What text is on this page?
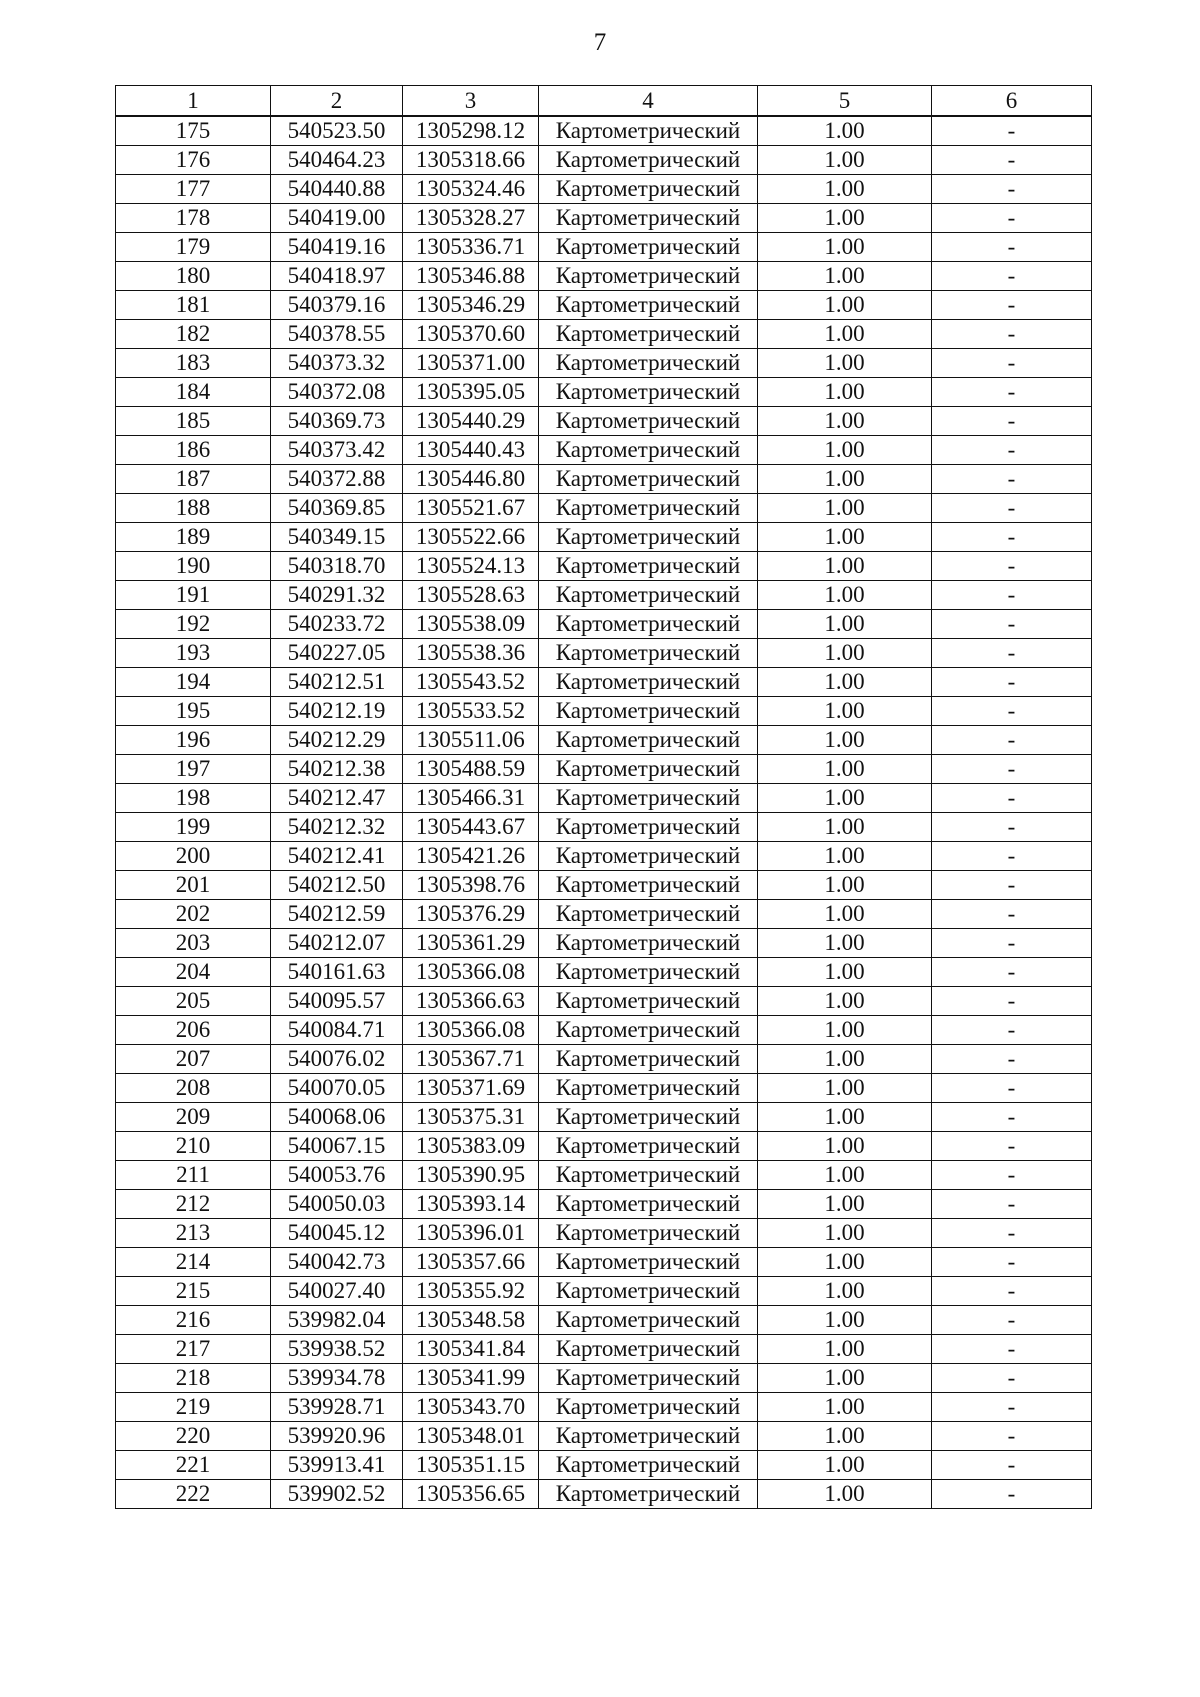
7
1	2	3	4	5	6
175	540523.50	1305298.12	Картометрический	1.00	-
176	540464.23	1305318.66	Картометрический	1.00	-
177	540440.88	1305324.46	Картометрический	1.00	-
178	540419.00	1305328.27	Картометрический	1.00	-
179	540419.16	1305336.71	Картометрический	1.00	-
180	540418.97	1305346.88	Картометрический	1.00	-
181	540379.16	1305346.29	Картометрический	1.00	-
182	540378.55	1305370.60	Картометрический	1.00	-
183	540373.32	1305371.00	Картометрический	1.00	-
184	540372.08	1305395.05	Картометрический	1.00	-
185	540369.73	1305440.29	Картометрический	1.00	-
186	540373.42	1305440.43	Картометрический	1.00	-
187	540372.88	1305446.80	Картометрический	1.00	-
188	540369.85	1305521.67	Картометрический	1.00	-
189	540349.15	1305522.66	Картометрический	1.00	-
190	540318.70	1305524.13	Картометрический	1.00	-
191	540291.32	1305528.63	Картометрический	1.00	-
192	540233.72	1305538.09	Картометрический	1.00	-
193	540227.05	1305538.36	Картометрический	1.00	-
194	540212.51	1305543.52	Картометрический	1.00	-
195	540212.19	1305533.52	Картометрический	1.00	-
196	540212.29	1305511.06	Картометрический	1.00	-
197	540212.38	1305488.59	Картометрический	1.00	-
198	540212.47	1305466.31	Картометрический	1.00	-
199	540212.32	1305443.67	Картометрический	1.00	-
200	540212.41	1305421.26	Картометрический	1.00	-
201	540212.50	1305398.76	Картометрический	1.00	-
202	540212.59	1305376.29	Картометрический	1.00	-
203	540212.07	1305361.29	Картометрический	1.00	-
204	540161.63	1305366.08	Картометрический	1.00	-
205	540095.57	1305366.63	Картометрический	1.00	-
206	540084.71	1305366.08	Картометрический	1.00	-
207	540076.02	1305367.71	Картометрический	1.00	-
208	540070.05	1305371.69	Картометрический	1.00	-
209	540068.06	1305375.31	Картометрический	1.00	-
210	540067.15	1305383.09	Картометрический	1.00	-
211	540053.76	1305390.95	Картометрический	1.00	-
212	540050.03	1305393.14	Картометрический	1.00	-
213	540045.12	1305396.01	Картометрический	1.00	-
214	540042.73	1305357.66	Картометрический	1.00	-
215	540027.40	1305355.92	Картометрический	1.00	-
216	539982.04	1305348.58	Картометрический	1.00	-
217	539938.52	1305341.84	Картометрический	1.00	-
218	539934.78	1305341.99	Картометрический	1.00	-
219	539928.71	1305343.70	Картометрический	1.00	-
220	539920.96	1305348.01	Картометрический	1.00	-
221	539913.41	1305351.15	Картометрический	1.00	-
222	539902.52	1305356.65	Картометрический	1.00	-
